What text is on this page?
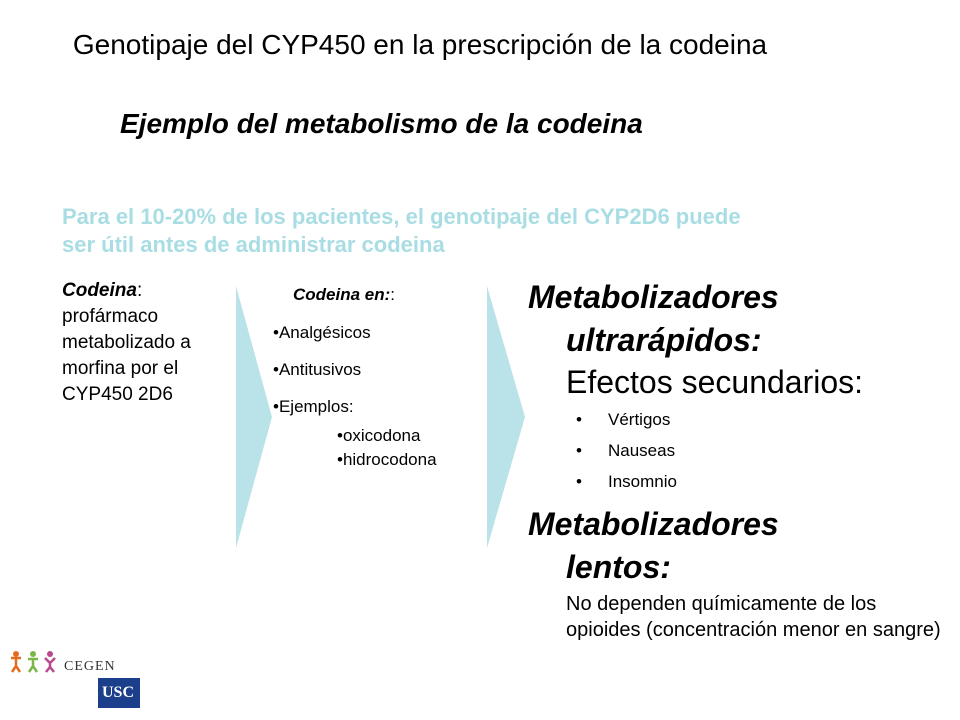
Genotipaje del CYP450 en la prescripción de la codeina
Ejemplo del metabolismo de la codeina
Para el 10-20% de los pacientes, el genotipaje del CYP2D6 puede
ser útil antes de administrar codeina
Codeina: profármaco metabolizado a morfina por el CYP450 2D6
Codeina en::
•Analgésicos
•Antitusivos
•Ejemplos:
•oxicodona
•hidrocodona
Metabolizadores
ultrarápidos:
Efectos secundarios:
• Vértigos
• Nauseas
• Insomnio
Metabolizadores
lentos:
No dependen químicamente de los opioides (concentración menor en sangre)
CEGEN
USC
